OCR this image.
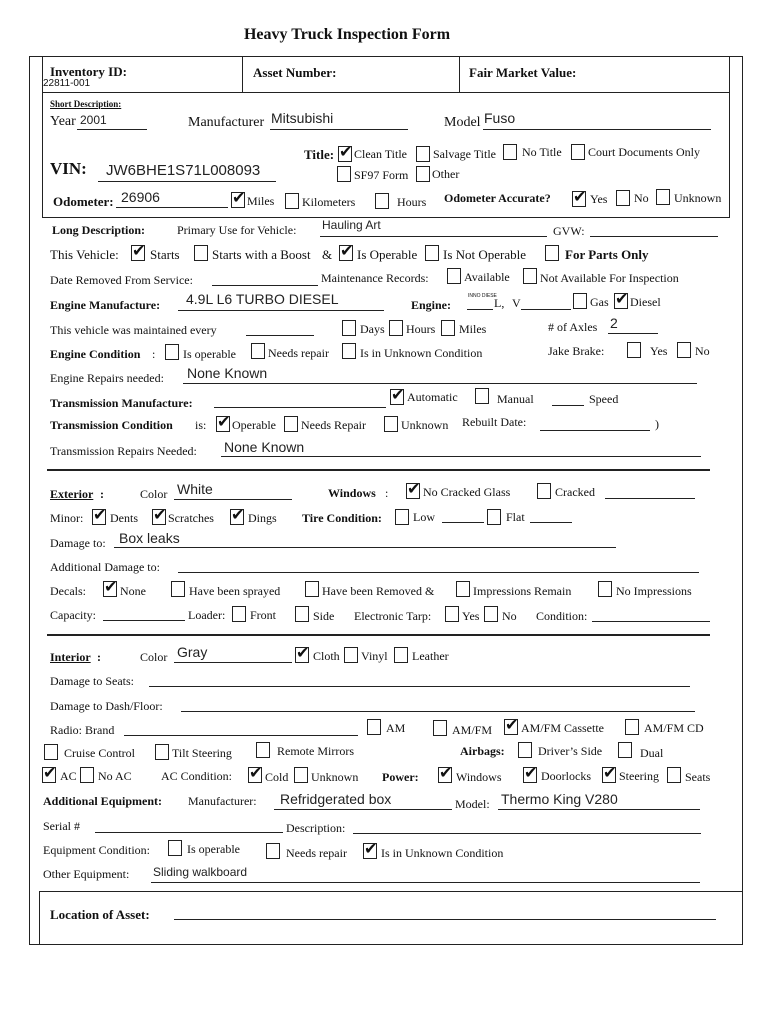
Heavy Truck Inspection Form
Inventory ID:
22811-001
Asset Number:	Fair Market Value:
Short Description:
Year 2001	Manufacturer Mitsubishi	Model Fuso
VIN: JW6BHE1S71L008093
Title: ✔ Clean Title Salvage Title No Title Court Documents Only
SF97 Form Other
Odometer: 26906	✔ Miles Kilometers	Hours Odometer Accurate? ✔ Yes No Unknown
Long Description:	Primary Use for Vehicle: Hauling Art	GVW:
This Vehicle: ✔ Starts Starts with a Boost & ✔ Is Operable Is Not Operable	For Parts Only
Date Removed From Service:	Maintenance Records:	Available	Not Available For Inspection
Engine Manufacture: 4.9L L6 TURBO DIESEL	Engine:
INNO DIESE
L, V	Gas ✔ Diesel
This vehicle was maintained every	Days Hours Miles	# of Axles 2
Engine Condition : Is operable	Needs repair	Is in Unknown Condition	Jake Brake:	Yes No
Engine Repairs needed: None Known
Transmission Manufacture:	✔ Automatic	Manual	Speed
Transmission Condition is: ✔ Operable Needs Repair	Unknown Rebuilt Date:	)
Transmission Repairs Needed: None Known
Exterior :	Color White	Windows : ✔ No Cracked Glass	Cracked
Minor: ✔ Dents ✔ Scratches ✔ Dings Tire Condition:	Low	Flat
Damage to: Box leaks
Additional Damage to:
Decals: ✔ None	Have been sprayed	Have been Removed &	Impressions Remain	No Impressions
Capacity:	Loader: Front	Side Electronic Tarp:	Yes No Condition:
Interior :	Color Gray	✔ Cloth Vinyl Leather
Damage to Seats:
Damage to Dash/Floor:
Radio: Brand	AM	AM/FM ✔ AM/FM Cassette	AM/FM CD
Cruise Control	Tilt Steering	Remote Mirrors	Airbags:	Driver’s Side	Dual
✔ AC No AC AC Condition: ✔ Cold Unknown Power: ✔ Windows ✔ Doorlocks ✔ Steering Seats
Additional Equipment: Manufacturer: Refridgerated box	Model: Thermo King V280
Serial #	Description:
Equipment Condition:	Is operable	Needs repair ✔ Is in Unknown Condition
Other Equipment: Sliding walkboard
Location of Asset:
